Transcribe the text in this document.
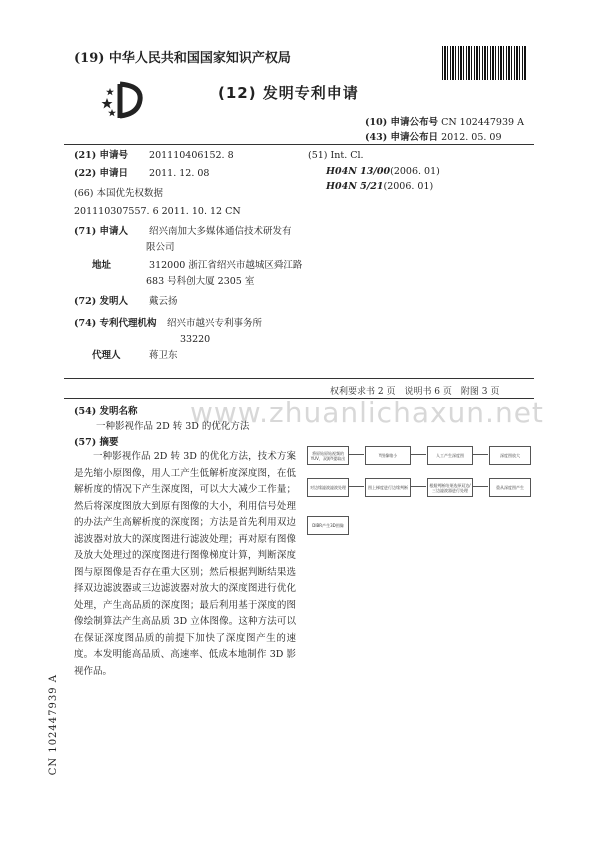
(19) 中华人民共和国国家知识产权局
(12) 发明专利申请
(10) 申请公布号 CN 102447939 A
(43) 申请公布日 2012. 05. 09
(21) 申请号 201110406152. 8
(22) 申请日 2011. 12. 08
(66) 本国优先权数据
201110307557. 6 2011. 10. 12 CN
(71) 申请人 绍兴南加大多媒体通信技术研发有
限公司
地址	312000 浙江省绍兴市越城区舜江路
683 号科创大厦 2305 室
(72) 发明人 戴云扬
(74) 专利代理机构 绍兴市越兴专利事务所
33220
代理人	蒋卫东
(51) Int. Cl.
H04N 13/00(2006. 01)
H04N 5/21(2006. 01)
权利要求书 2 页　说明书 6 页　附图 3 页
www.zhuanlichaxun.net
(54) 发明名称
一种影视作品 2D 转 3D 的优化方法
(57) 摘要
一种影视作品 2D 转 3D 的优化方法，技术方案是先缩小原图像，用人工产生低解析度深度图，在低解析度的情况下产生深度图，可以大大减少工作量；然后将深度图放大到原有图像的大小，利用信号处理的办法产生高解析度的深度图；方法是首先利用双边滤波器对放大的深度图进行滤波处理；再对原有图像及放大处理过的深度图进行图像梯度计算，判断深度图与原图像是否存在重大区别；然后根据判断结果选择双边滤波器或三边滤波器对放大的深度图进行优化处理，产生高品质的深度图；最后利用基于深度的图像绘制算法产生高品质 3D 立体图像。这种方法可以在保证深度图品质的前提下加快了深度图产生的速度。本发明能高品质、高速率、低成本地制作 3D 影视作品。
将原始原始视频的YUV，双源Y提取出	Y图像缩小	人工产生深度图	深度图放大
对边缘滤波滤波处理	图上梯度进行边缘判断	根据判断结果选择双边/三边滤波器进行处理	重从深度图产生
DIBR产生3D图像
CN 102447939 A
